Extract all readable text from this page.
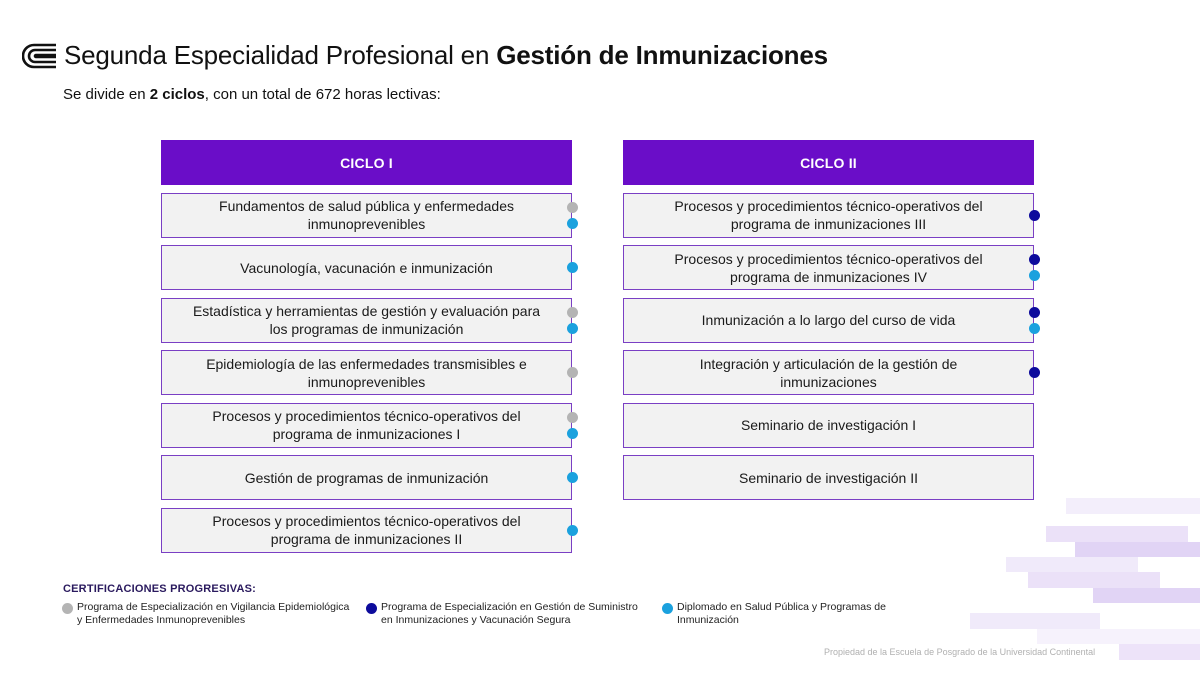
Segunda Especialidad Profesional en Gestión de Inmunizaciones
Se divide en 2 ciclos, con un total de 672 horas lectivas:
CICLO I
Fundamentos de salud pública y enfermedades inmunoprevenibles
Vacunología, vacunación e inmunización
Estadística y herramientas de gestión y evaluación para los programas de inmunización
Epidemiología de las enfermedades transmisibles e inmunoprevenibles
Procesos y procedimientos técnico-operativos del programa de inmunizaciones I
Gestión de programas de inmunización
Procesos y procedimientos técnico-operativos del programa de inmunizaciones II
CICLO II
Procesos y procedimientos técnico-operativos del programa de inmunizaciones III
Procesos y procedimientos técnico-operativos del programa de inmunizaciones IV
Inmunización a lo largo del curso de vida
Integración y articulación de la gestión de inmunizaciones
Seminario de investigación I
Seminario de investigación II
CERTIFICACIONES PROGRESIVAS:
Programa de Especialización en Vigilancia Epidemiológica y Enfermedades Inmunoprevenibles
Programa de Especialización en Gestión de Suministro en Inmunizaciones y Vacunación Segura
Diplomado en Salud Pública y Programas de Inmunización
Propiedad de la Escuela de Posgrado de la Universidad Continental
